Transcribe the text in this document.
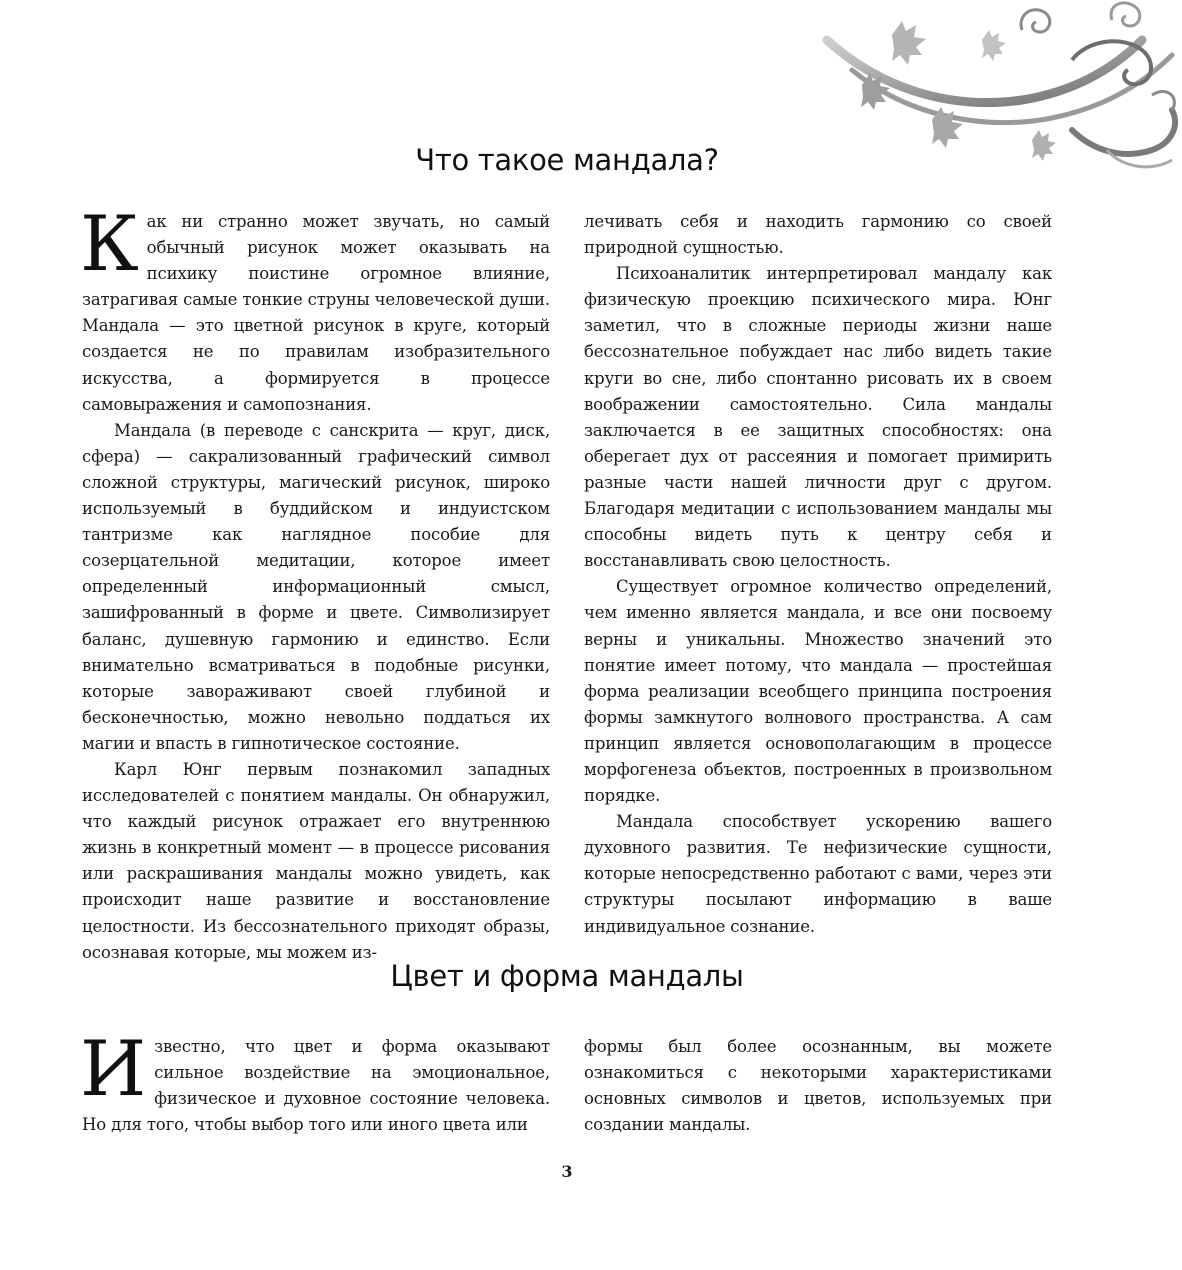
Что такое мандала?

Как ни странно может звучать, но самый обычный рисунок может оказывать на психику поистине огромное влияние, затрагивая самые тонкие струны человеческой души. Мандала — это цветной рисунок в круге, который создается не по правилам изобразительного искусства, а формируется в процессе самовыражения и самопознания.

Мандала (в переводе с санскрита — круг, диск, сфера) — сакрализованный графический символ сложной структуры, магический рисунок, широко используемый в буддийском и индуистском тантризме как наглядное пособие для созерцательной медитации, которое имеет определенный информационный смысл, зашифрованный в форме и цвете. Символизирует баланс, душевную гармонию и единство. Если внимательно всматриваться в подобные рисунки, которые завораживают своей глубиной и бесконечностью, можно невольно поддаться их магии и впасть в гипнотическое состояние.

Карл Юнг первым познакомил западных исследователей с понятием мандалы. Он обнаружил, что каждый рисунок отражает его внутреннюю жизнь в конкретный момент — в процессе рисования или раскрашивания мандалы можно увидеть, как происходит наше развитие и восстановление целостности. Из бессознательного приходят образы, осознавая которые, мы можем из-

лечивать себя и находить гармонию со своей природной сущностью.

Психоаналитик интерпретировал мандалу как физическую проекцию психического мира. Юнг заметил, что в сложные периоды жизни наше бессознательное побуждает нас либо видеть такие круги во сне, либо спонтанно рисовать их в своем воображении самостоятельно. Сила мандалы заключается в ее защитных способностях: она оберегает дух от рассеяния и помогает примирить разные части нашей личности друг с другом. Благодаря медитации с использованием мандалы мы способны видеть путь к центру себя и восстанавливать свою целостность.

Существует огромное количество определений, чем именно является мандала, и все они посвоему верны и уникальны. Множество значений это понятие имеет потому, что мандала — простейшая форма реализации всеобщего принципа построения формы замкнутого волнового пространства. А сам принцип является основополагающим в процессе морфогенеза объектов, построенных в произвольном порядке.

Мандала способствует ускорению вашего духовного развития. Те нефизические сущности, которые непосредственно работают с вами, через эти структуры посылают информацию в ваше индивидуальное сознание.

Цвет и форма мандалы

Известно, что цвет и форма оказывают сильное воздействие на эмоциональное, физическое и духовное состояние человека. Но для того, чтобы выбор того или иного цвета или

формы был более осознанным, вы можете ознакомиться с некоторыми характеристиками основных символов и цветов, используемых при создании мандалы.

3
